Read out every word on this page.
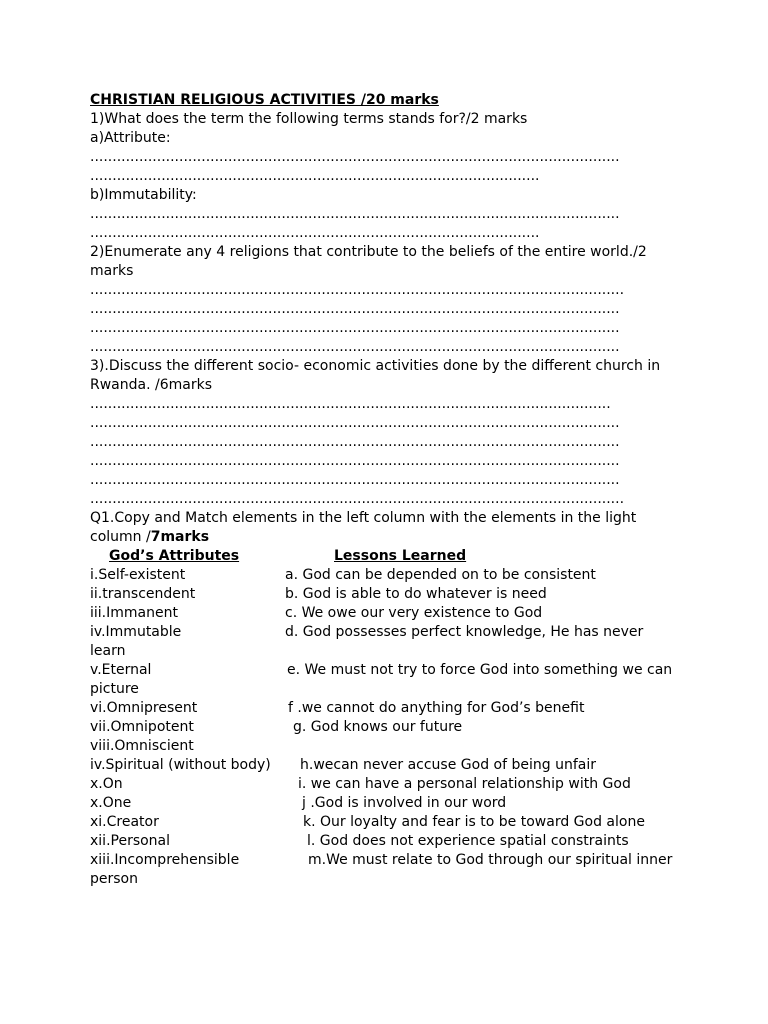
CHRISTIAN RELIGIOUS ACTIVITIES /20 marks
1)What does the term the following terms stands for?/2 marks
a)Attribute:
.......................................................................................................................
.....................................................................................................
b)Immutability:
.......................................................................................................................
.....................................................................................................
2)Enumerate any 4 religions that contribute to the beliefs of the entire world./2
marks
........................................................................................................................
.......................................................................................................................
.......................................................................................................................
.......................................................................................................................
3).Discuss the different socio- economic activities done by the different church in
Rwanda. /6marks
.....................................................................................................................
.......................................................................................................................
.......................................................................................................................
.......................................................................................................................
.......................................................................................................................
........................................................................................................................
Q1.Copy and Match elements in the left column with the elements in the light
column /7marks
God’s Attributes	Lessons Learned
i.Self-existent	a. God can be depended on to be consistent
ii.transcendent	b. God is able to do whatever is need
iii.Immanent	c. We owe our very existence to God
iv.Immutable	d. God possesses perfect knowledge, He has never
learn
v.Eternal	e. We must not try to force God into something we can
picture
vi.Omnipresent	f .we cannot do anything for God’s benefit
vii.Omnipotent	g. God knows our future
viii.Omniscient
iv.Spiritual (without body)	h.wecan never accuse God of being unfair
x.On	i. we can have a personal relationship with God
x.One	j .God is involved in our word
xi.Creator	k. Our loyalty and fear is to be toward God alone
xii.Personal	l. God does not experience spatial constraints
xiii.Incomprehensible	m.We must relate to God through our spiritual inner
person
